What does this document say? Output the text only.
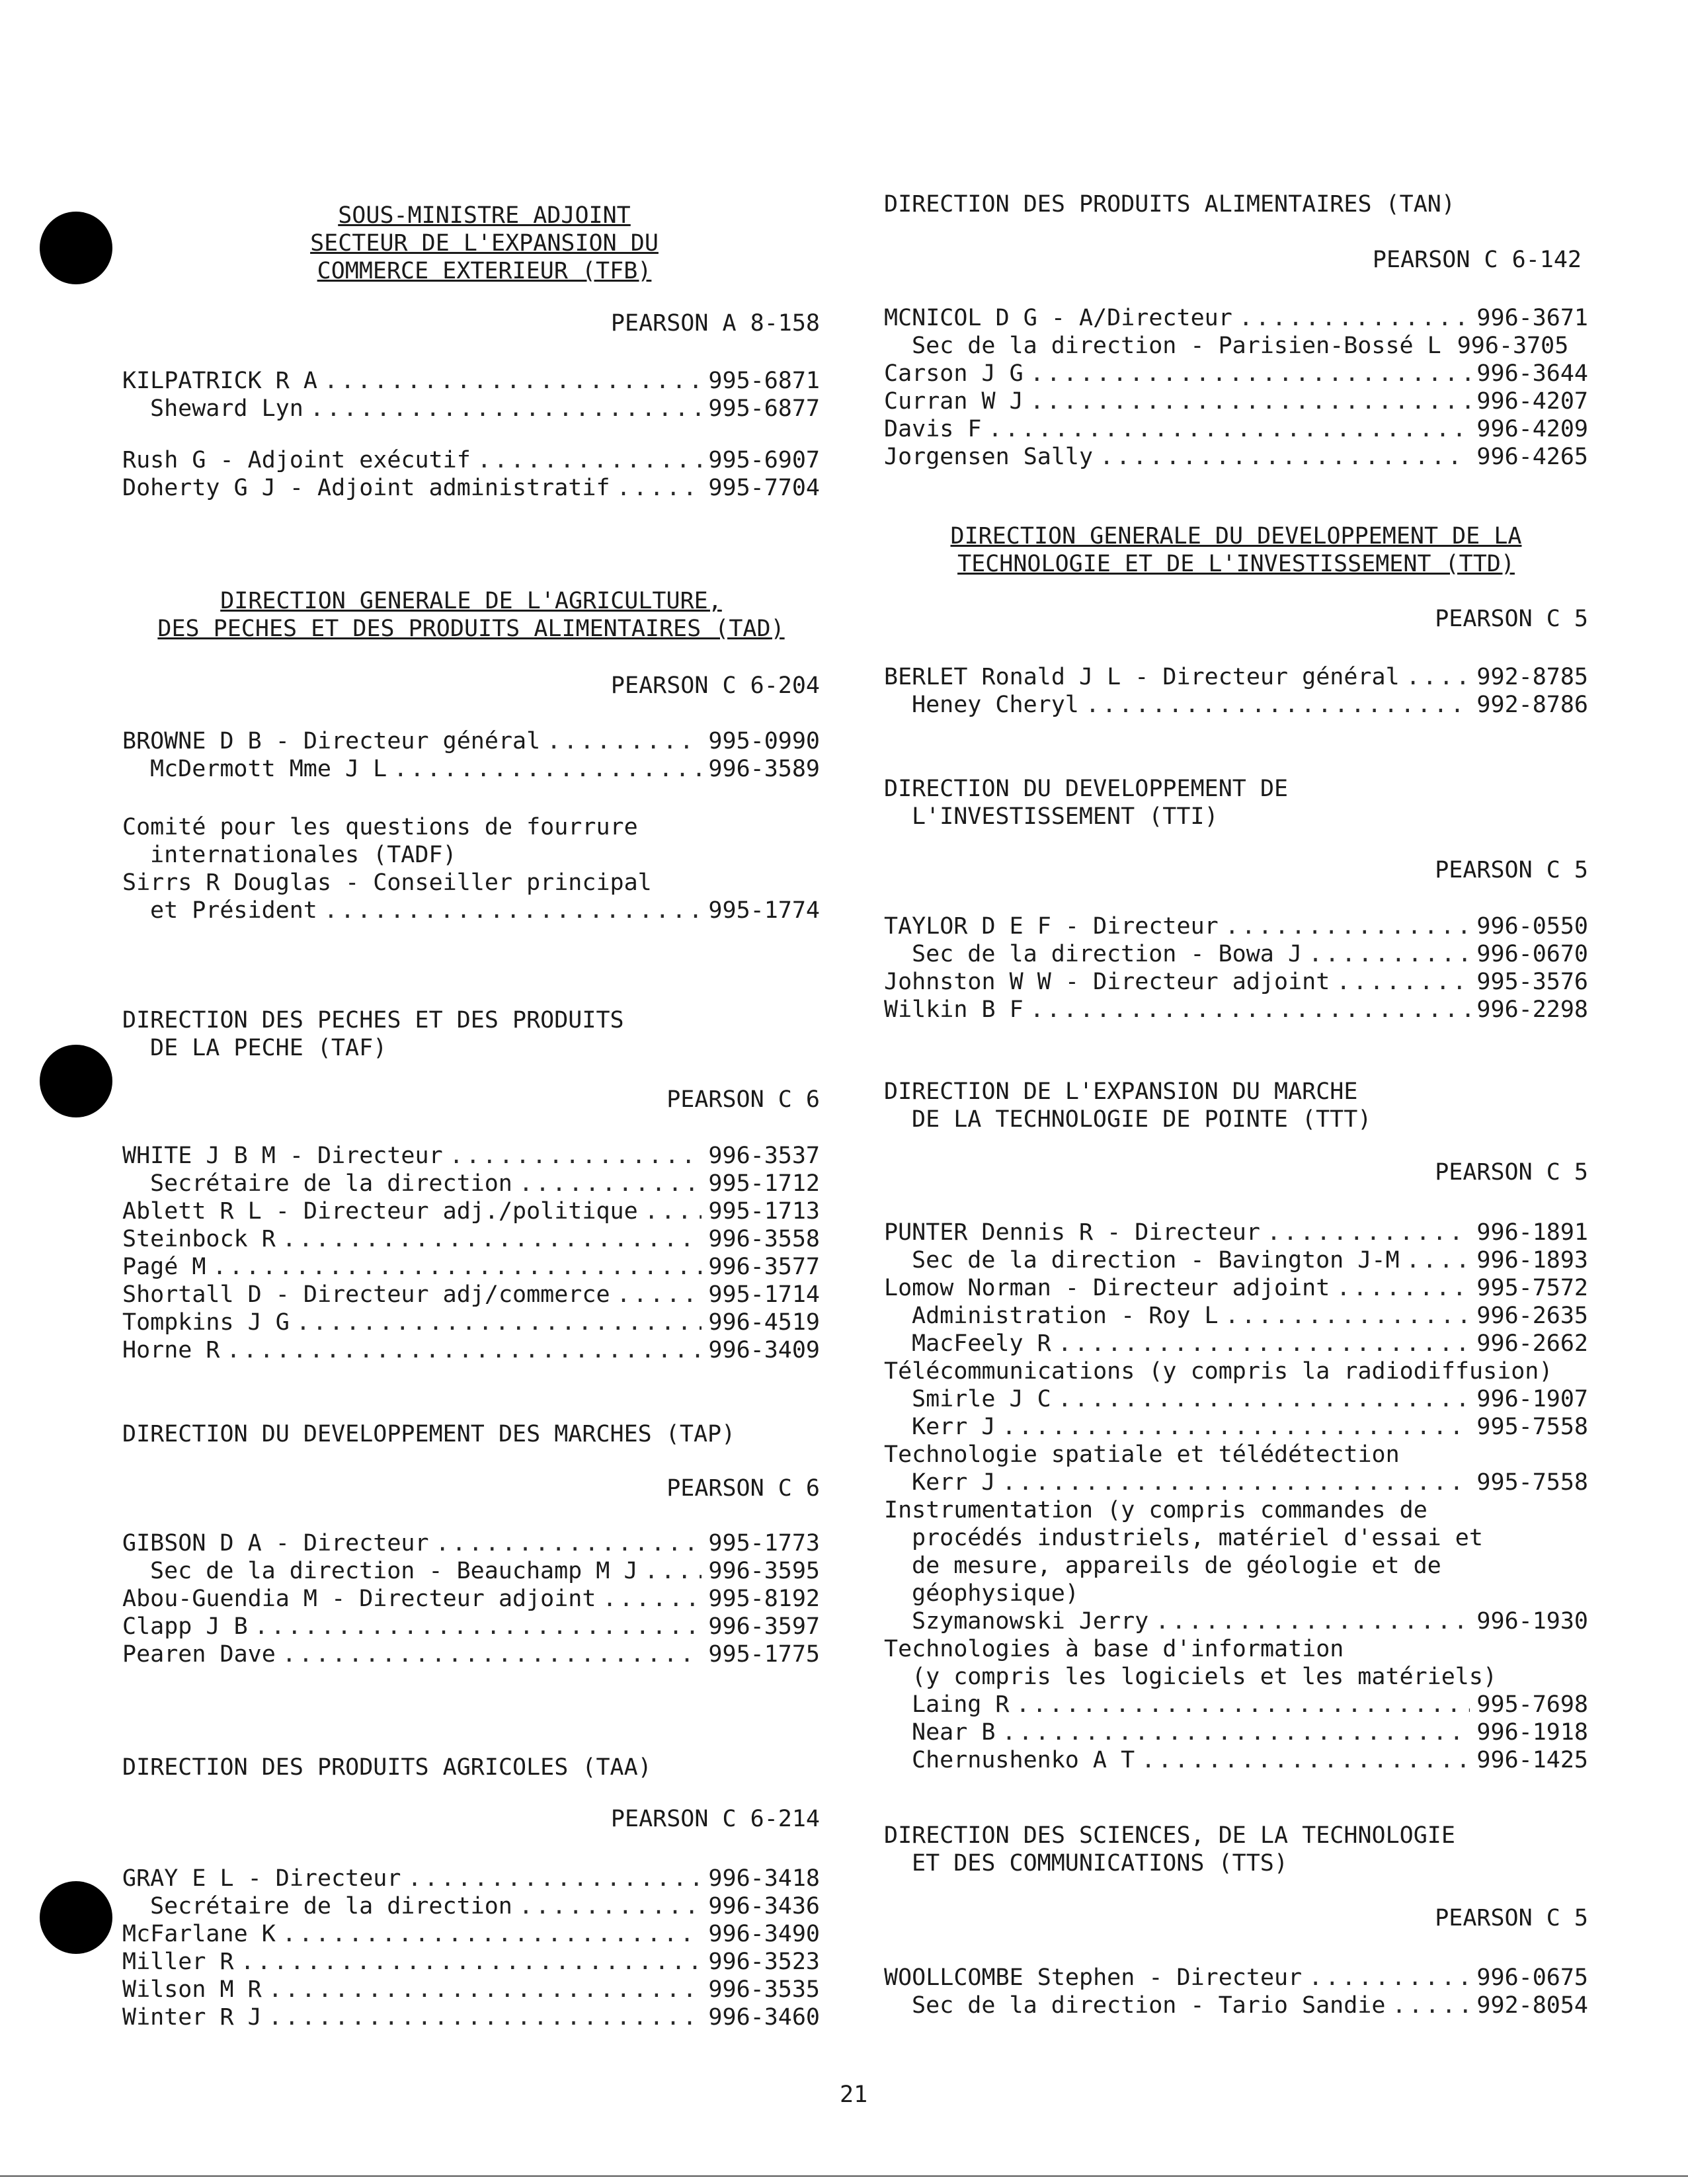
SOUS-MINISTRE ADJOINT
SECTEUR DE L'EXPANSION DU
COMMERCE EXTERIEUR (TFB)
PEARSON A 8-158
KILPATRICK R A .....	995-6871
Sheward Lyn .....	995-6877
Rush G - Adjoint exécutif .....	995-6907
Doherty G J - Adjoint administratif .....	995-7704
DIRECTION GENERALE DE L'AGRICULTURE,
DES PECHES ET DES PRODUITS ALIMENTAIRES (TAD)
PEARSON C 6-204
BROWNE D B - Directeur général .....	995-0990
McDermott Mme J L .....	996-3589
Comité pour les questions de fourrure
internationales (TADF)
Sirrs R Douglas - Conseiller principal
et Président .....	995-1774
DIRECTION DES PECHES ET DES PRODUITS
DE LA PECHE (TAF)
PEARSON C 6
WHITE J B M - Directeur .....	996-3537
Secrétaire de la direction .....	995-1712
Ablett R L - Directeur adj./politique .....	995-1713
Steinbock R .....	996-3558
Pagé M .....	996-3577
Shortall D - Directeur adj/commerce .....	995-1714
Tompkins J G .....	996-4519
Horne R .....	996-3409
DIRECTION DU DEVELOPPEMENT DES MARCHES (TAP)
PEARSON C 6
GIBSON D A - Directeur .....	995-1773
Sec de la direction - Beauchamp M J .....	996-3595
Abou-Guendia M - Directeur adjoint .....	995-8192
Clapp J B .....	996-3597
Pearen Dave .....	995-1775
DIRECTION DES PRODUITS AGRICOLES (TAA)
PEARSON C 6-214
GRAY E L - Directeur .....	996-3418
Secrétaire de la direction .....	996-3436
McFarlane K .....	996-3490
Miller R .....	996-3523
Wilson M R .....	996-3535
Winter R J .....	996-3460
DIRECTION DES PRODUITS ALIMENTAIRES (TAN)
PEARSON C 6-142
MCNICOL D G - A/Directeur .....	996-3671
Sec de la direction - Parisien-Bossé L 996-3705
Carson J G .....	996-3644
Curran W J .....	996-4207
Davis F .....	996-4209
Jorgensen Sally .....	996-4265
DIRECTION GENERALE DU DEVELOPPEMENT DE LA
TECHNOLOGIE ET DE L'INVESTISSEMENT (TTD)
PEARSON C 5
BERLET Ronald J L - Directeur général .....	992-8785
Heney Cheryl .....	992-8786
DIRECTION DU DEVELOPPEMENT DE
L'INVESTISSEMENT (TTI)
PEARSON C 5
TAYLOR D E F - Directeur .....	996-0550
Sec de la direction - Bowa J .....	996-0670
Johnston W W - Directeur adjoint .....	995-3576
Wilkin B F .....	996-2298
DIRECTION DE L'EXPANSION DU MARCHE
DE LA TECHNOLOGIE DE POINTE (TTT)
PEARSON C 5
PUNTER Dennis R - Directeur .....	996-1891
Sec de la direction - Bavington J-M .....	996-1893
Lomow Norman - Directeur adjoint .....	995-7572
Administration - Roy L .....	996-2635
MacFeely R .....	996-2662
Télécommunications (y compris la radiodiffusion)
Smirle J C .....	996-1907
Kerr J .....	995-7558
Technologie spatiale et télédétection
Kerr J .....	995-7558
Instrumentation (y compris commandes de
procédés industriels, matériel d'essai et
de mesure, appareils de géologie et de
géophysique)
Szymanowski Jerry .....	996-1930
Technologies à base d'information
(y compris les logiciels et les matériels)
Laing R .....	995-7698
Near B .....	996-1918
Chernushenko A T .....	996-1425
DIRECTION DES SCIENCES, DE LA TECHNOLOGIE
ET DES COMMUNICATIONS (TTS)
PEARSON C 5
WOOLLCOMBE Stephen - Directeur .....	996-0675
Sec de la direction - Tario Sandie .....	992-8054
21
